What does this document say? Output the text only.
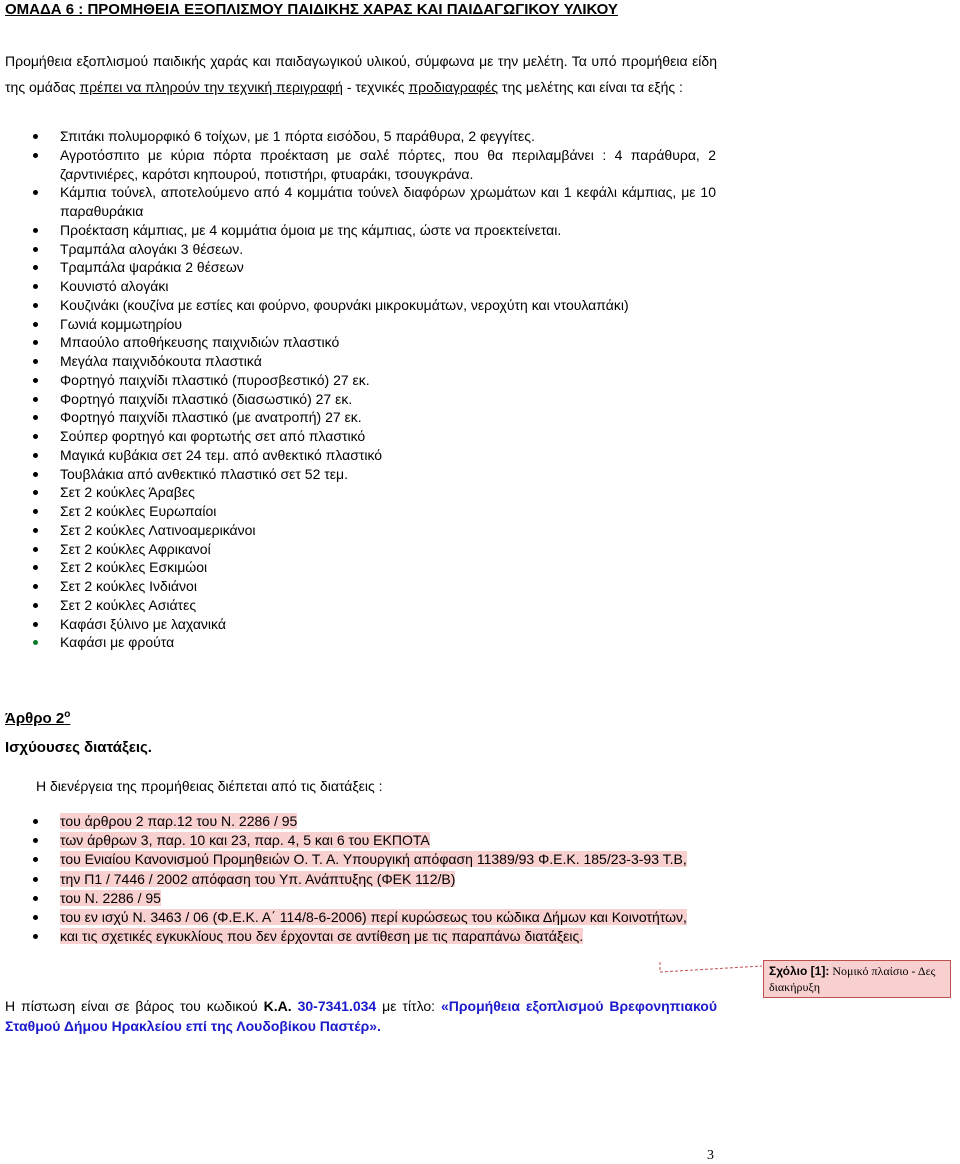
ΟΜΑΔΑ 6 : ΠΡΟΜΗΘΕΙΑ ΕΞΟΠΛΙΣΜΟΥ ΠΑΙΔΙΚΗΣ ΧΑΡΑΣ ΚΑΙ ΠΑΙΔΑΓΩΓΙΚΟΥ ΥΛΙΚΟΥ
Προμήθεια εξοπλισμού παιδικής χαράς και παιδαγωγικού υλικού, σύμφωνα με την μελέτη. Τα υπό προμήθεια είδη της ομάδας πρέπει να πληρούν την τεχνική περιγραφή - τεχνικές προδιαγραφές της μελέτης και είναι τα εξής :
Σπιτάκι πολυμορφικό 6 τοίχων, με 1 πόρτα εισόδου, 5 παράθυρα, 2 φεγγίτες.
Αγροτόσπιτο με κύρια πόρτα προέκταση με σαλέ πόρτες, που θα περιλαμβάνει : 4 παράθυρα, 2 ζαρντινιέρες, καρότσι κηπουρού, ποτιστήρι, φτυαράκι, τσουγκράνα.
Κάμπια τούνελ, αποτελούμενο από 4 κομμάτια τούνελ διαφόρων χρωμάτων και 1 κεφάλι κάμπιας, με 10 παραθυράκια
Προέκταση κάμπιας, με 4 κομμάτια όμοια με της κάμπιας, ώστε να προεκτείνεται.
Τραμπάλα αλογάκι 3 θέσεων.
Τραμπάλα ψαράκια 2 θέσεων
Κουνιστό αλογάκι
Κουζινάκι (κουζίνα με εστίες και φούρνο, φουρνάκι μικροκυμάτων, νεροχύτη και ντουλαπάκι)
Γωνιά κομμωτηρίου
Μπαούλο αποθήκευσης παιχνιδιών πλαστικό
Μεγάλα παιχνιδόκουτα πλαστικά
Φορτηγό παιχνίδι πλαστικό (πυροσβεστικό) 27 εκ.
Φορτηγό παιχνίδι πλαστικό (διασωστικό) 27 εκ.
Φορτηγό παιχνίδι πλαστικό (με ανατροπή) 27 εκ.
Σούπερ φορτηγό και φορτωτής σετ από πλαστικό
Μαγικά κυβάκια σετ 24 τεμ. από ανθεκτικό πλαστικό
Τουβλάκια από ανθεκτικό πλαστικό σετ 52 τεμ.
Σετ 2 κούκλες Άραβες
Σετ 2 κούκλες Ευρωπαίοι
Σετ 2 κούκλες Λατινοαμερικάνοι
Σετ 2 κούκλες Αφρικανοί
Σετ 2 κούκλες Εσκιμώοι
Σετ 2 κούκλες Ινδιάνοι
Σετ 2 κούκλες Ασιάτες
Καφάσι ξύλινο με λαχανικά
Καφάσι με φρούτα
Άρθρο $2^o$
Ισχύουσες διατάξεις.
Η διενέργεια της προμήθειας διέπεται από τις διατάξεις :
του άρθρου 2 παρ.12 του Ν. 2286 / 95
των άρθρων 3, παρ. 10 και 23, παρ. 4, 5 και 6 του ΕΚΠΟΤΑ
του Ενιαίου Κανονισμού Προμηθειών Ο. Τ. Α. Υπουργική απόφαση 11389/93 Φ.Ε.Κ. 185/23-3-93 Τ.Β,
την Π1 / 7446 / 2002 απόφαση του Υπ. Ανάπτυξης (ΦΕΚ 112/Β)
του Ν. 2286 / 95
του εν ισχύ Ν. 3463 / 06 (Φ.Ε.Κ. Α΄ 114/8-6-2006) περί κυρώσεως του κώδικα Δήμων και Κοινοτήτων,
και τις σχετικές εγκυκλίους που δεν έρχονται σε αντίθεση με τις παραπάνω διατάξεις.
Σχόλιο [1]: Νομικό πλαίσιο - Δες διακήρυξη
Η πίστωση είναι σε βάρος του κωδικού Κ.Α. 30-7341.034 με τίτλο: «Προμήθεια εξοπλισμού Βρεφονηπιακού Σταθμού Δήμου Ηρακλείου επί της Λουδοβίκου Παστέρ».
3
